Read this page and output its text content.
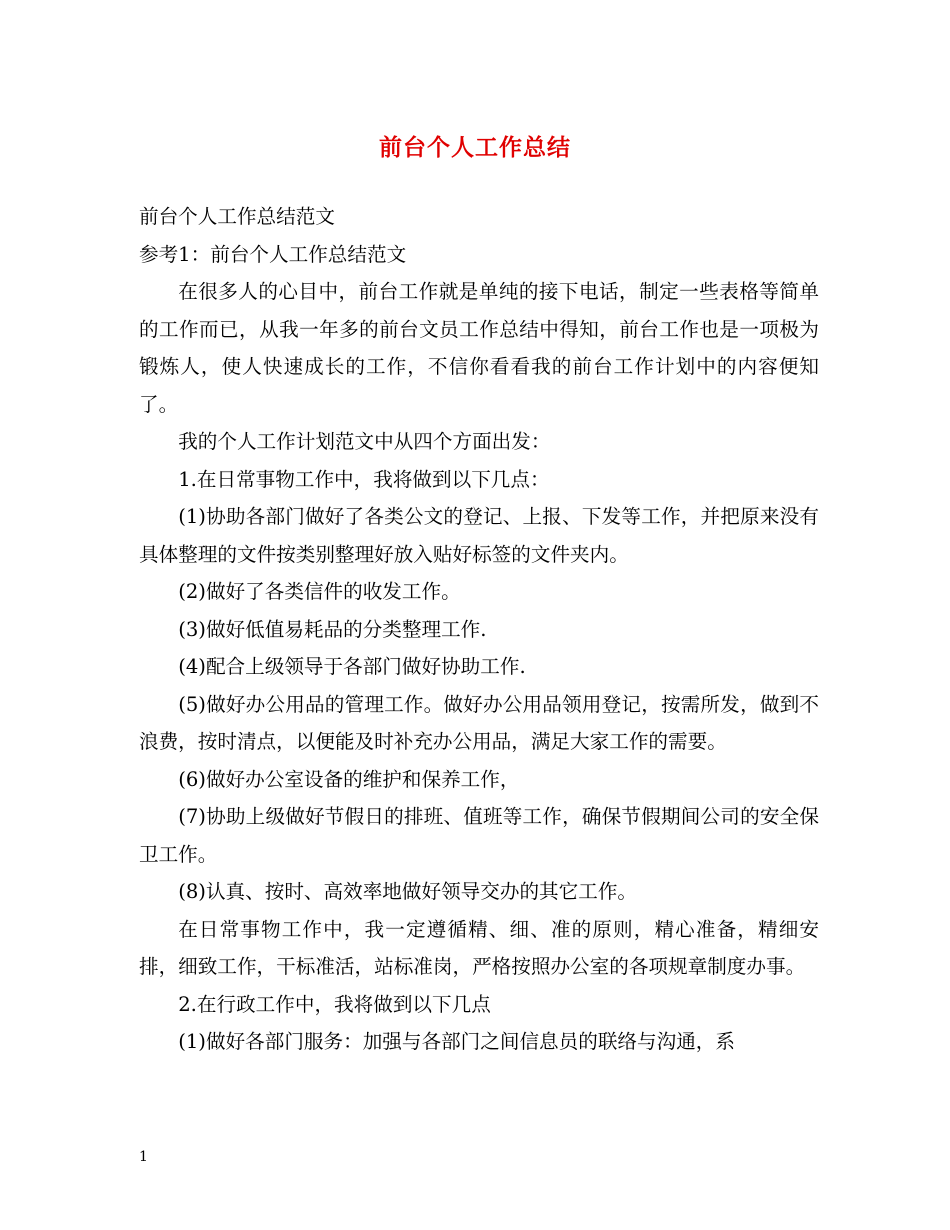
前台个人工作总结

前台个人工作总结范文

参考1：前台个人工作总结范文

在很多人的心目中，前台工作就是单纯的接下电话，制定一些表格等简单的工作而已，从我一年多的前台文员工作总结中得知，前台工作也是一项极为锻炼人，使人快速成长的工作，不信你看看我的前台工作计划中的内容便知了。

我的个人工作计划范文中从四个方面出发：

1.在日常事物工作中，我将做到以下几点：

(1)协助各部门做好了各类公文的登记、上报、下发等工作，并把原来没有具体整理的文件按类别整理好放入贴好标签的文件夹内。

(2)做好了各类信件的收发工作。

(3)做好低值易耗品的分类整理工作.

(4)配合上级领导于各部门做好协助工作.

(5)做好办公用品的管理工作。做好办公用品领用登记，按需所发，做到不浪费，按时清点，以便能及时补充办公用品，满足大家工作的需要。

(6)做好办公室设备的维护和保养工作，

(7)协助上级做好节假日的排班、值班等工作，确保节假期间公司的安全保卫工作。

(8)认真、按时、高效率地做好领导交办的其它工作。

在日常事物工作中，我一定遵循精、细、准的原则，精心准备，精细安排，细致工作，干标准活，站标准岗，严格按照办公室的各项规章制度办事。

2.在行政工作中，我将做到以下几点

(1)做好各部门服务：加强与各部门之间信息员的联络与沟通，系

1
